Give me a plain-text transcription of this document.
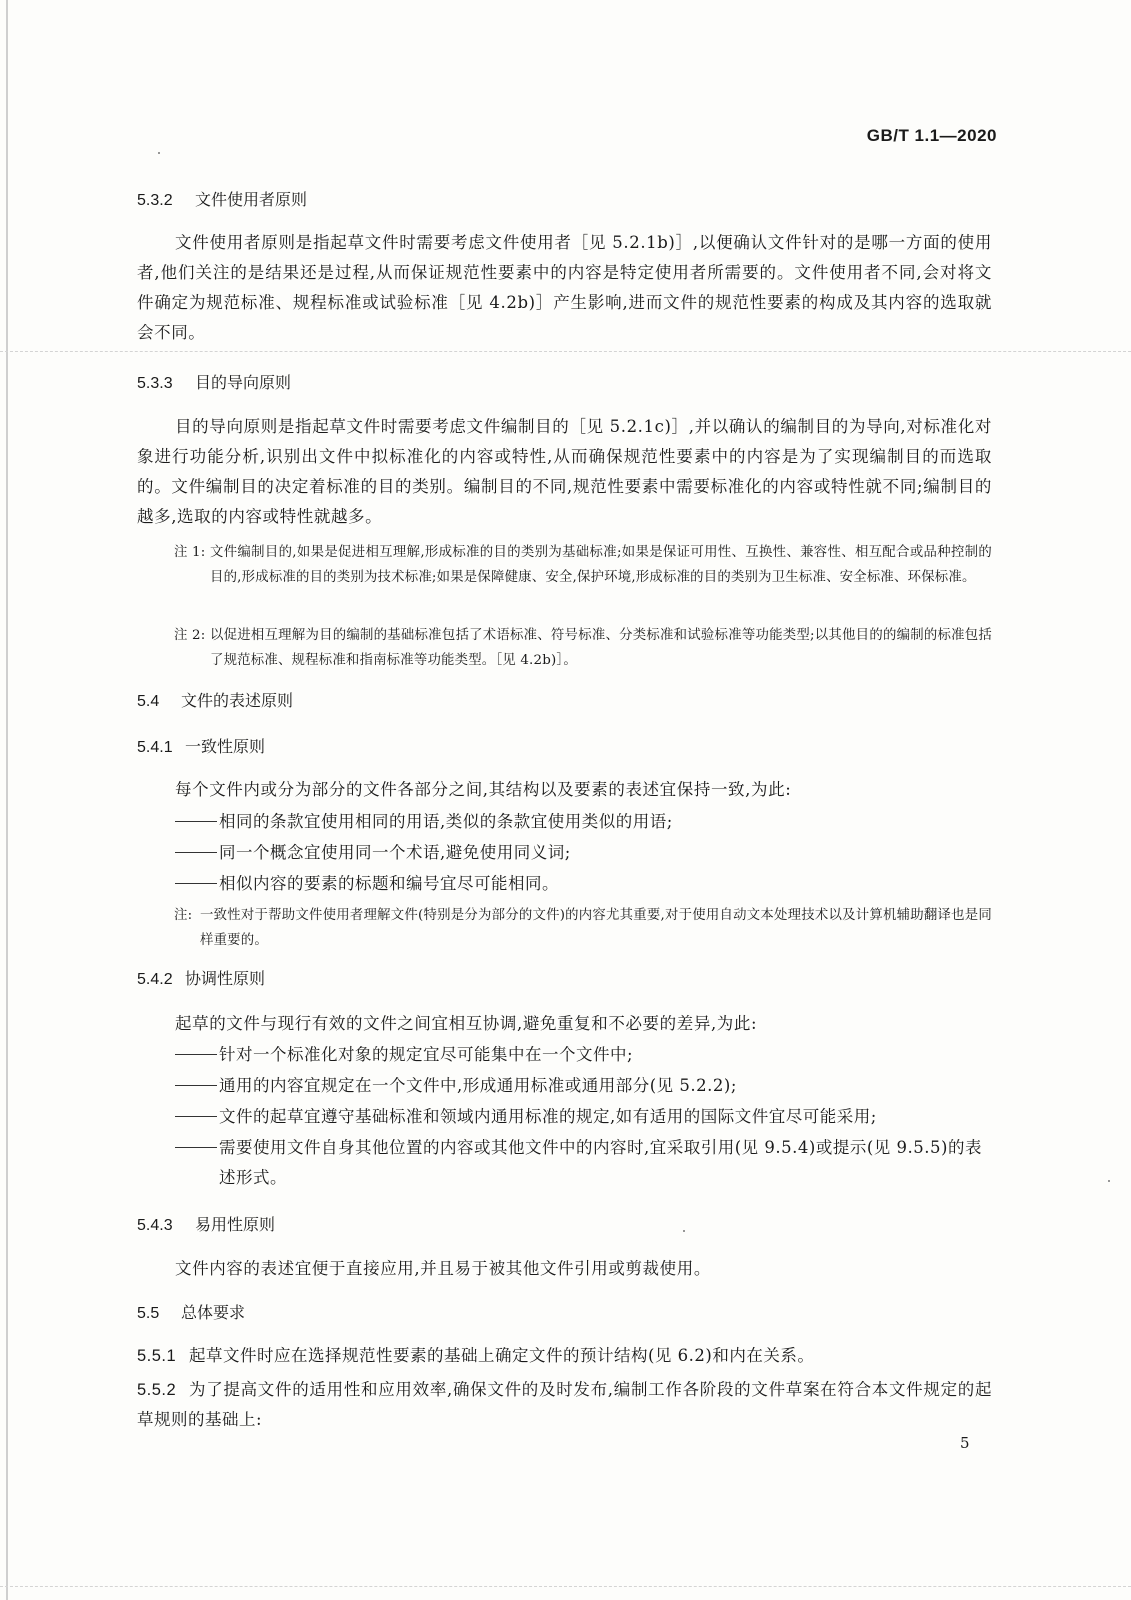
GB/T 1.1—2020
5.3.2 文件使用者原则
文件使用者原则是指起草文件时需要考虑文件使用者［见 5.2.1b)］,以便确认文件针对的是哪一方面的使用者,他们关注的是结果还是过程,从而保证规范性要素中的内容是特定使用者所需要的。文件使用者不同,会对将文件确定为规范标准、规程标准或试验标准［见 4.2b)］产生影响,进而文件的规范性要素的构成及其内容的选取就会不同。
5.3.3 目的导向原则
目的导向原则是指起草文件时需要考虑文件编制目的［见 5.2.1c)］,并以确认的编制目的为导向,对标准化对象进行功能分析,识别出文件中拟标准化的内容或特性,从而确保规范性要素中的内容是为了实现编制目的而选取的。文件编制目的决定着标准的目的类别。编制目的不同,规范性要素中需要标准化的内容或特性就不同;编制目的越多,选取的内容或特性就越多。
注 1: 文件编制目的,如果是促进相互理解,形成标准的目的类别为基础标准;如果是保证可用性、互换性、兼容性、相互配合或品种控制的目的,形成标准的目的类别为技术标准;如果是保障健康、安全,保护环境,形成标准的目的类别为卫生标准、安全标准、环保标准。
注 2: 以促进相互理解为目的编制的基础标准包括了术语标准、符号标准、分类标准和试验标准等功能类型;以其他目的的编制的标准包括了规范标准、规程标准和指南标准等功能类型。［见 4.2b)］。
5.4 文件的表述原则
5.4.1 一致性原则
每个文件内或分为部分的文件各部分之间,其结构以及要素的表述宜保持一致,为此:
相同的条款宜使用相同的用语,类似的条款宜使用类似的用语;
同一个概念宜使用同一个术语,避免使用同义词;
相似内容的要素的标题和编号宜尽可能相同。
注: 一致性对于帮助文件使用者理解文件(特别是分为部分的文件)的内容尤其重要,对于使用自动文本处理技术以及计算机辅助翻译也是同样重要的。
5.4.2 协调性原则
起草的文件与现行有效的文件之间宜相互协调,避免重复和不必要的差异,为此:
针对一个标准化对象的规定宜尽可能集中在一个文件中;
通用的内容宜规定在一个文件中,形成通用标准或通用部分(见 5.2.2);
文件的起草宜遵守基础标准和领域内通用标准的规定,如有适用的国际文件宜尽可能采用;
需要使用文件自身其他位置的内容或其他文件中的内容时,宜采取引用(见 9.5.4)或提示(见 9.5.5)的表述形式。
5.4.3 易用性原则
文件内容的表述宜便于直接应用,并且易于被其他文件引用或剪裁使用。
5.5 总体要求
5.5.1 起草文件时应在选择规范性要素的基础上确定文件的预计结构(见 6.2)和内在关系。
5.5.2 为了提高文件的适用性和应用效率,确保文件的及时发布,编制工作各阶段的文件草案在符合本文件规定的起草规则的基础上:
5
